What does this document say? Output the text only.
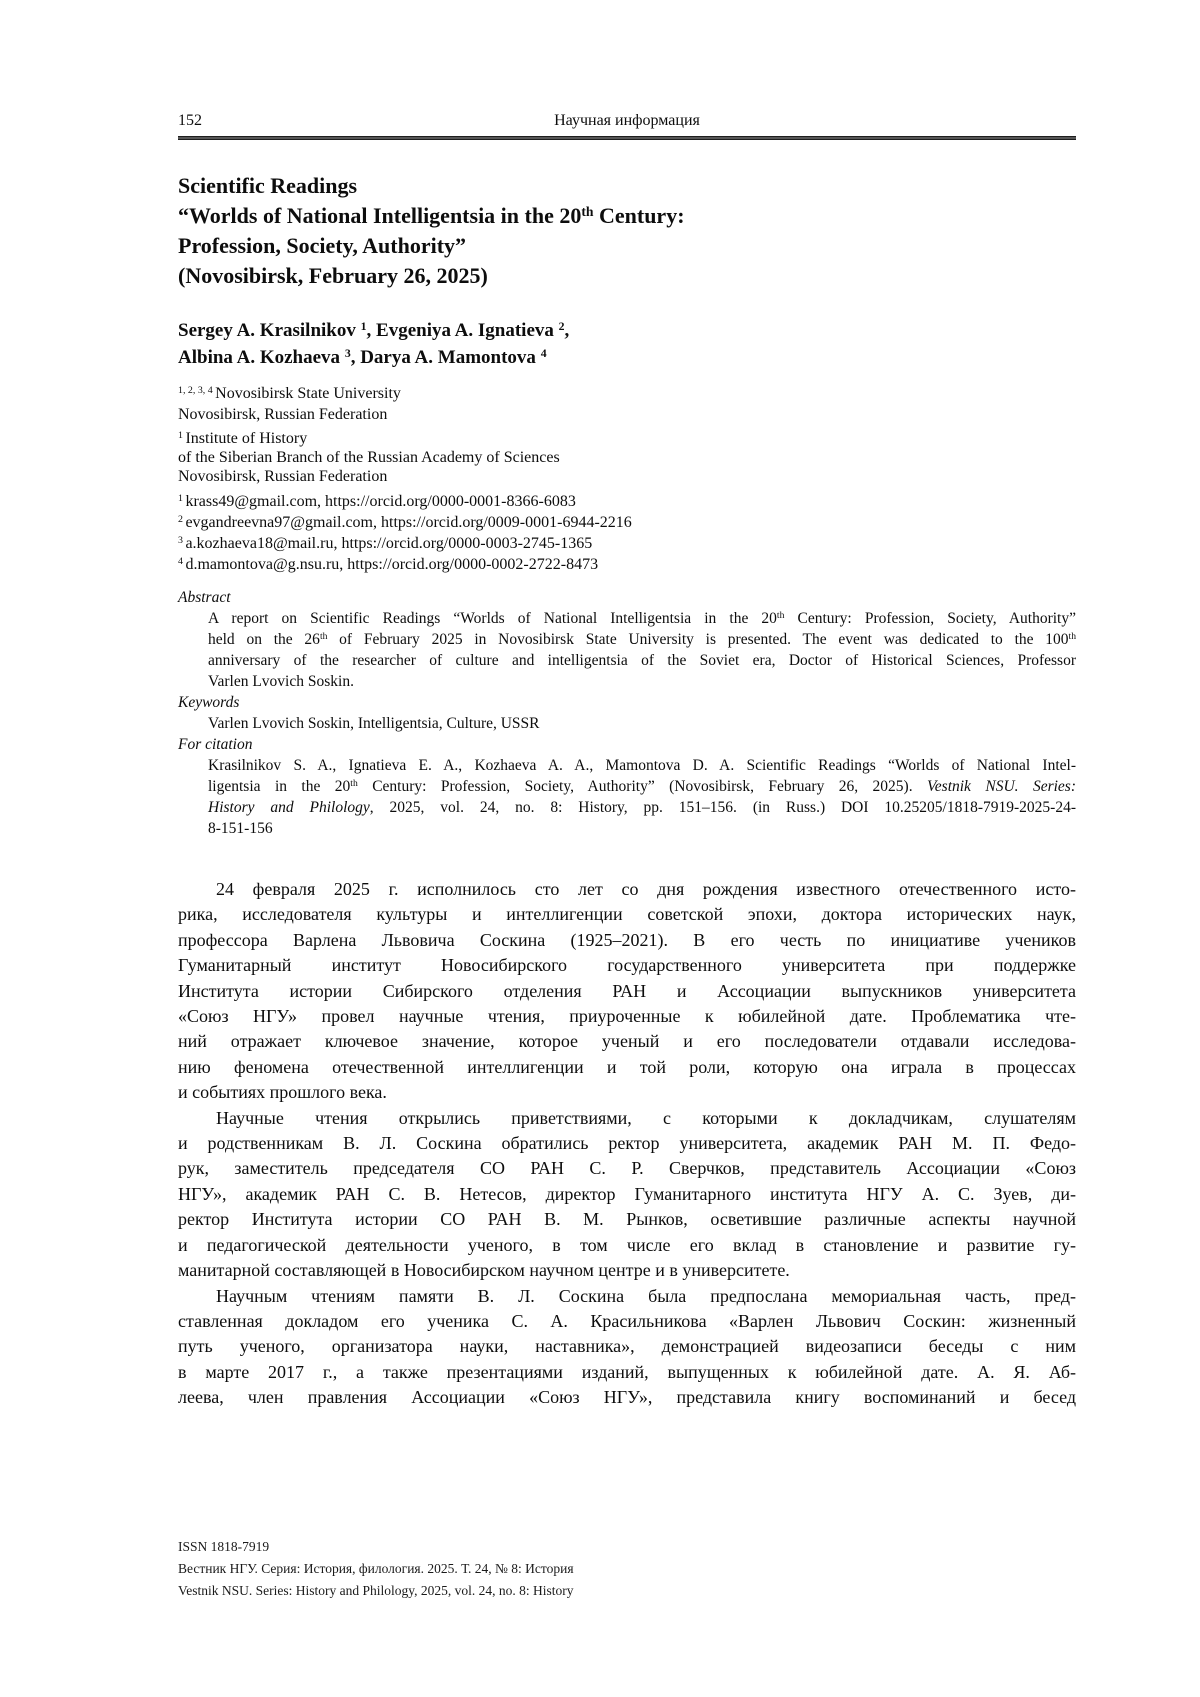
152	Научная информация
Scientific Readings
“Worlds of National Intelligentsia in the 20th Century:
Profession, Society, Authority”
(Novosibirsk, February 26, 2025)
Sergey A. Krasilnikov $^1$, Evgeniya A. Ignatieva $^2$,
Albina A. Kozhaeva $^3$, Darya A. Mamontova $^4$
$^{1, 2, 3, 4}$ Novosibirsk State University
Novosibirsk, Russian Federation
$^1$ Institute of History
of the Siberian Branch of the Russian Academy of Sciences
Novosibirsk, Russian Federation
$^1$ krass49@gmail.com, https://orcid.org/0000-0001-8366-6083
$^2$ evgandreevna97@gmail.com, https://orcid.org/0009-0001-6944-2216
$^3$ a.kozhaeva18@mail.ru, https://orcid.org/0000-0003-2745-1365
$^4$ d.mamontova@g.nsu.ru, https://orcid.org/0000-0002-2722-8473
Abstract
A report on Scientific Readings “Worlds of National Intelligentsia in the 20th Century: Profession, Society, Authority”
held on the 26th of February 2025 in Novosibirsk State University is presented. The event was dedicated to the 100th
anniversary of the researcher of culture and intelligentsia of the Soviet era, Doctor of Historical Sciences, Professor
Varlen Lvovich Soskin.
Keywords
Varlen Lvovich Soskin, Intelligentsia, Culture, USSR
For citation
Krasilnikov S. A., Ignatieva E. A., Kozhaeva A. A., Mamontova D. A. Scientific Readings “Worlds of National Intel-
ligentsia in the 20th Century: Profession, Society, Authority” (Novosibirsk, February 26, 2025). Vestnik NSU. Series:
History and Philology, 2025, vol. 24, no. 8: History, pp. 151–156. (in Russ.) DOI 10.25205/1818-7919-2025-24-
8-151-156
24 февраля 2025 г. исполнилось сто лет со дня рождения известного отечественного исто-
рика, исследователя культуры и интеллигенции советской эпохи, доктора исторических наук,
профессора Варлена Львовича Соскина (1925–2021). В его честь по инициативе учеников
Гуманитарный институт Новосибирского государственного университета при поддержке
Института истории Сибирского отделения РАН и Ассоциации выпускников университета
«Союз НГУ» провел научные чтения, приуроченные к юбилейной дате. Проблематика чте-
ний отражает ключевое значение, которое ученый и его последователи отдавали исследова-
нию феномена отечественной интеллигенции и той роли, которую она играла в процессах
и событиях прошлого века.
Научные чтения открылись приветствиями, с которыми к докладчикам, слушателям
и родственникам В. Л. Соскина обратились ректор университета, академик РАН М. П. Федо-
рук, заместитель председателя СО РАН С. Р. Сверчков, представитель Ассоциации «Союз
НГУ», академик РАН С. В. Нетесов, директор Гуманитарного института НГУ А. С. Зуев, ди-
ректор Института истории СО РАН В. М. Рынков, осветившие различные аспекты научной
и педагогической деятельности ученого, в том числе его вклад в становление и развитие гу-
манитарной составляющей в Новосибирском научном центре и в университете.
Научным чтениям памяти В. Л. Соскина была предпослана мемориальная часть, пред-
ставленная докладом его ученика С. А. Красильникова «Варлен Львович Соскин: жизненный
путь ученого, организатора науки, наставника», демонстрацией видеозаписи беседы с ним
в марте 2017 г., а также презентациями изданий, выпущенных к юбилейной дате. А. Я. Аб-
леева, член правления Ассоциации «Союз НГУ», представила книгу воспоминаний и бесед
ISSN 1818-7919
Вестник НГУ. Серия: История, филология. 2025. Т. 24, № 8: История
Vestnik NSU. Series: History and Philology, 2025, vol. 24, no. 8: History
